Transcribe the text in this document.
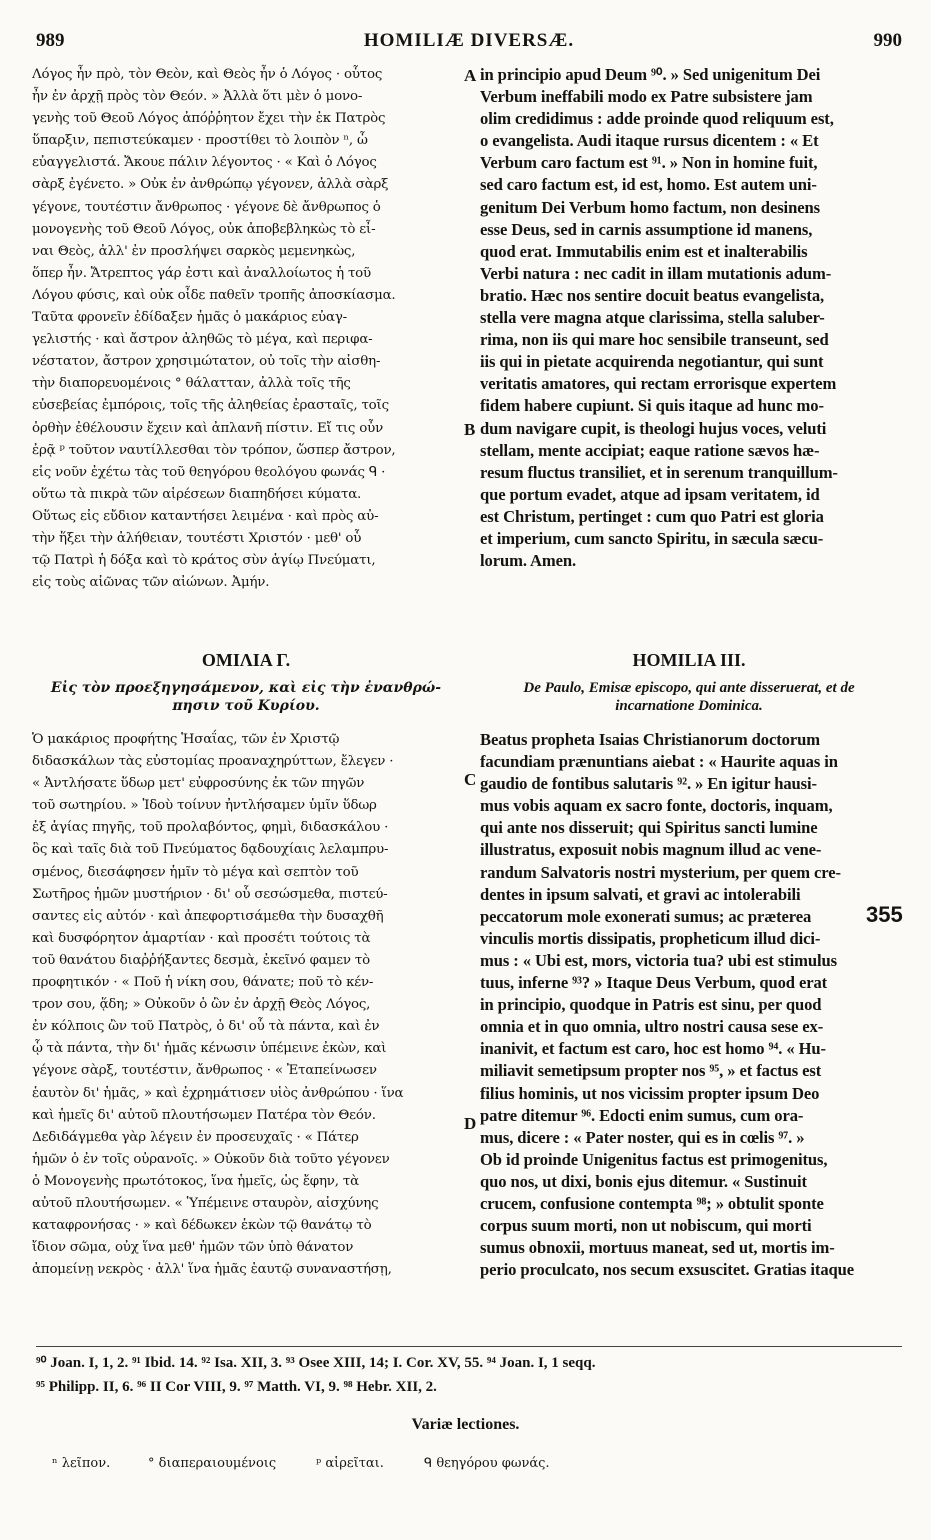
989	HOMILIÆ DIVERSÆ.	990
Λόγος ἦν πρὸ, τὸν Θεὸν, καὶ Θεὸς ἦν ὁ Λόγος · οὗτος
ἦν ἐν ἀρχῇ πρὸς τὸν Θεόν. » Ἀλλὰ ὅτι μὲν ὁ μονο-
γενὴς τοῦ Θεοῦ Λόγος ἀπόῤῥητον ἔχει τὴν ἐκ Πατρὸς
ὕπαρξιν, πεπιστεύκαμεν · προστίθει τὸ λοιπὸν ⁿ, ὦ
εὐαγγελιστά. Ἄκουε πάλιν λέγοντος · « Καὶ ὁ Λόγος
σὰρξ ἐγένετο. » Οὐκ ἐν ἀνθρώπῳ γέγονεν, ἀλλὰ σὰρξ
γέγονε, τουτέστιν ἄνθρωπος · γέγονε δὲ ἄνθρωπος ὁ
μονογενὴς τοῦ Θεοῦ Λόγος, οὐκ ἀποβεβληκὼς τὸ εἶ-
ναι Θεὸς, ἀλλ' ἐν προσλήψει σαρκὸς μεμενηκὼς,
ὅπερ ἦν. Ἄτρεπτος γάρ ἐστι καὶ ἀναλλοίωτος ἡ τοῦ
Λόγου φύσις, καὶ οὐκ οἶδε παθεῖν τροπῆς ἀποσκίασμα.
Ταῦτα φρονεῖν ἐδίδαξεν ἡμᾶς ὁ μακάριος εὐαγ-
γελιστής · καὶ ἄστρον ἀληθῶς τὸ μέγα, καὶ περιφα-
νέστατον, ἄστρον χρησιμώτατον, οὐ τοῖς τὴν αἰσθη-
τὴν διαπορευομένοις ° θάλατταν, ἀλλὰ τοῖς τῆς
εὐσεβείας ἐμπόροις, τοῖς τῆς ἀληθείας ἐρασταῖς, τοῖς
ὀρθὴν ἐθέλουσιν ἔχειν καὶ ἀπλανῆ πίστιν. Εἴ τις οὖν
ἐρᾷ ᵖ τοῦτον ναυτίλλεσθαι τὸν τρόπον, ὥσπερ ἄστρον,
εἰς νοῦν ἐχέτω τὰς τοῦ θεηγόρου θεολόγου φωνάς ᑫ ·
οὕτω τὰ πικρὰ τῶν αἱρέσεων διαπηδήσει κύματα.
Οὕτως εἰς εὔδιον καταντήσει λειμένα · καὶ πρὸς αὐ-
τὴν ἥξει τὴν ἀλήθειαν, τουτέστι Χριστόν · μεθ' οὗ
τῷ Πατρὶ ἡ δόξα καὶ τὸ κράτος σὺν ἁγίῳ Πνεύματι,
εἰς τοὺς αἰῶνας τῶν αἰώνων. Ἀμήν.
in principio apud Deum ⁹⁰. » Sed unigenitum Dei
Verbum ineffabili modo ex Patre subsistere jam
olim credidimus : adde proinde quod reliquum est,
o evangelista. Audi itaque rursus dicentem : « Et
Verbum caro factum est ⁹¹. » Non in homine fuit,
sed caro factum est, id est, homo. Est autem uni-
genitum Dei Verbum homo factum, non desinens
esse Deus, sed in carnis assumptione id manens,
quod erat. Immutabilis enim est et inalterabilis
Verbi natura : nec cadit in illam mutationis adum-
bratio. Hæc nos sentire docuit beatus evangelista,
stella vere magna atque clarissima, stella saluber-
rima, non iis qui mare hoc sensibile transeunt, sed
iis qui in pietate acquirenda negotiantur, qui sunt
veritatis amatores, qui rectam errorisque expertem
fidem habere cupiunt. Si quis itaque ad hunc mo-
dum navigare cupit, is theologi hujus voces, veluti
stellam, mente accipiat; eaque ratione sævos hæ-
resum fluctus transiliet, et in serenum tranquillum-
que portum evadet, atque ad ipsam veritatem, id
est Christum, pertinget : cum quo Patri est gloria
et imperium, cum sancto Spiritu, in sæcula sæcu-
lorum. Amen.
ΟΜΙΛΙΑ Γ.
Εἰς τὸν προεξηγησάμενον, καὶ εἰς τὴν ἐνανθρώ-
πησιν τοῦ Κυρίου.
HOMILIA III.
De Paulo, Emisæ episcopo, qui ante disseruerat, et de
incarnatione Dominica.
Ὁ μακάριος προφήτης Ἡσαΐας, τῶν ἐν Χριστῷ
διδασκάλων τὰς εὐστομίας προαναχηρύττων, ἔλεγεν ·
« Ἀντλήσατε ὕδωρ μετ' εὐφροσύνης ἐκ τῶν πηγῶν
τοῦ σωτηρίου. » Ἰδοὺ τοίνυν ἠντλήσαμεν ὑμῖν ὕδωρ
ἐξ ἁγίας πηγῆς, τοῦ προλαβόντος, φημὶ, διδασκάλου ·
ὃς καὶ ταῖς διὰ τοῦ Πνεύματος δᾳδουχίαις λελαμπρυ-
σμένος, διεσάφησεν ἡμῖν τὸ μέγα καὶ σεπτὸν τοῦ
Σωτῆρος ἡμῶν μυστήριον · δι' οὗ σεσώσμεθα, πιστεύ-
σαντες εἰς αὐτόν · καὶ ἀπεφορτισάμεθα τὴν δυσαχθῆ
καὶ δυσφόρητον ἁμαρτίαν · καὶ προσέτι τούτοις τὰ
τοῦ θανάτου διαῤῥήξαντες δεσμὰ, ἐκεῖνό φαμεν τὸ
προφητικόν · « Ποῦ ἡ νίκη σου, θάνατε; ποῦ τὸ κέν-
τρον σου, ᾅδη; » Οὐκοῦν ὁ ὢν ἐν ἀρχῇ Θεὸς Λόγος,
ἐν κόλποις ὢν τοῦ Πατρὸς, ὁ δι' οὗ τὰ πάντα, καὶ ἐν
ᾧ τὰ πάντα, τὴν δι' ἡμᾶς κένωσιν ὑπέμεινε ἐκὼν, καὶ
γέγονε σὰρξ, τουτέστιν, ἄνθρωπος · « Ἐταπείνωσεν
ἑαυτὸν δι' ἡμᾶς, » καὶ ἐχρημάτισεν υἱὸς ἀνθρώπου · ἵνα
καὶ ἡμεῖς δι' αὐτοῦ πλουτήσωμεν Πατέρα τὸν Θεόν.
Δεδιδάγμεθα γὰρ λέγειν ἐν προσευχαῖς · « Πάτερ
ἡμῶν ὁ ἐν τοῖς οὐρανοῖς. » Οὐκοῦν διὰ τοῦτο γέγονεν
ὁ Μονογενὴς πρωτότοκος, ἵνα ἡμεῖς, ὡς ἔφην, τὰ
αὐτοῦ πλουτήσωμεν. « Ὑπέμεινε σταυρὸν, αἰσχύνης
καταφρονήσας · » καὶ δέδωκεν ἑκὼν τῷ θανάτῳ τὸ
ἴδιον σῶμα, οὐχ ἵνα μεθ' ἡμῶν τῶν ὑπὸ θάνατον
ἀπομείνῃ νεκρὸς · ἀλλ' ἵνα ἡμᾶς ἑαυτῷ συναναστήσῃ,
Beatus propheta Isaias Christianorum doctorum
facundiam prænuntians aiebat : « Haurite aquas in
gaudio de fontibus salutaris ⁹². » En igitur hausi-
mus vobis aquam ex sacro fonte, doctoris, inquam,
qui ante nos disseruit; qui Spiritus sancti lumine
illustratus, exposuit nobis magnum illud ac vene-
randum Salvatoris nostri mysterium, per quem cre-
dentes in ipsum salvati, et gravi ac intolerabili
peccatorum mole exonerati sumus; ac præterea
vinculis mortis dissipatis, propheticum illud dici-
mus : « Ubi est, mors, victoria tua? ubi est stimulus
tuus, inferne ⁹³? » Itaque Deus Verbum, quod erat
in principio, quodque in Patris est sinu, per quod
omnia et in quo omnia, ultro nostri causa sese ex-
inanivit, et factum est caro, hoc est homo ⁹⁴. « Hu-
miliavit semetipsum propter nos ⁹⁵, » et factus est
filius hominis, ut nos vicissim propter ipsum Deo
patre ditemur ⁹⁶. Edocti enim sumus, cum ora-
mus, dicere : « Pater noster, qui es in cœlis ⁹⁷. »
Ob id proinde Unigenitus factus est primogenitus,
quo nos, ut dixi, bonis ejus ditemur. « Sustinuit
crucem, confusione contempta ⁹⁸; » obtulit sponte
corpus suum morti, non ut nobiscum, qui morti
sumus obnoxii, mortuus maneat, sed ut, mortis im-
perio proculcato, nos secum exsuscitet. Gratias itaque
A
B
C
D
355
⁹⁰ Joan. I, 1, 2. ⁹¹ Ibid. 14. ⁹² Isa. XII, 3. ⁹³ Osee XIII, 14; I. Cor. XV, 55. ⁹⁴ Joan. I, 1 seqq.
⁹⁵ Philipp. II, 6. ⁹⁶ II Cor VIII, 9. ⁹⁷ Matth. VI, 9. ⁹⁸ Hebr. XII, 2.
Variæ lectiones.
ⁿ λεῖπον.	° διαπεραιουμένοις	ᵖ αἱρεῖται.	ᑫ θεηγόρου φωνάς.
